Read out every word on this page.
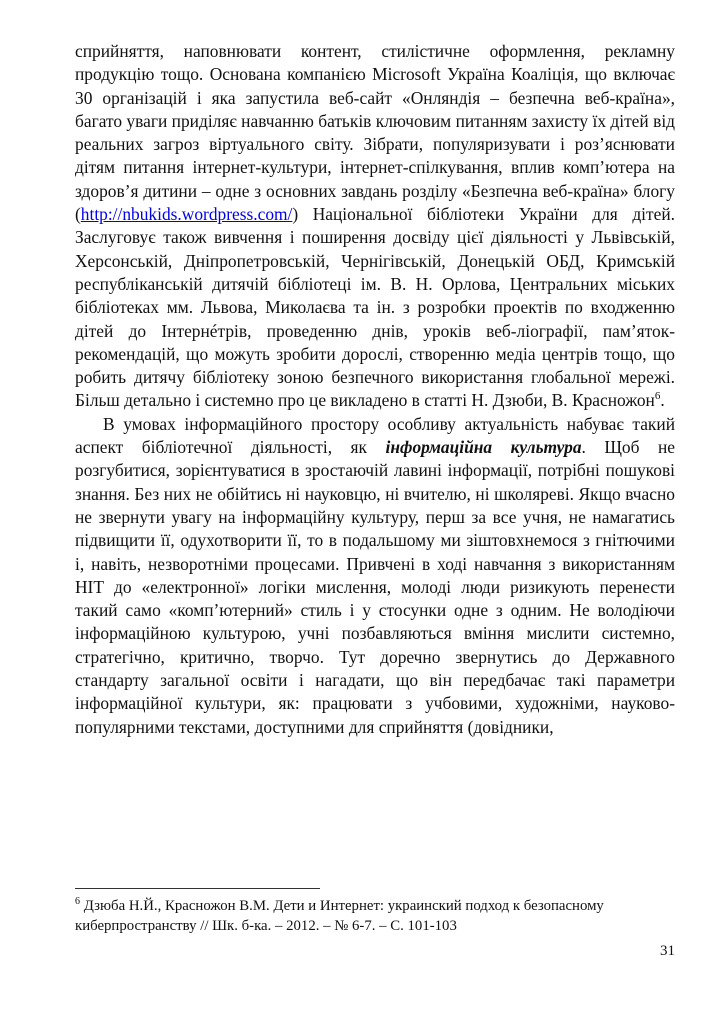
сприйняття, наповнювати контент, стилістичне оформлення, рекламну продукцію тощо. Основана компанією Microsoft Україна Коаліція, що включає 30 організацій і яка запустила веб-сайт «Онляндія – безпечна веб-країна», багато уваги приділяє навчанню батьків ключовим питанням захисту їх дітей від реальних загроз віртуального світу. Зібрати, популяризувати і роз’яснювати дітям питання інтернет-культури, інтернет-спілкування, вплив комп’ютера на здоров’я дитини – одне з основних завдань розділу «Безпечна веб-країна» блогу (http://nbukids.wordpress.com/) Національної бібліотеки України для дітей. Заслуговує також вивчення і поширення досвіду цієї діяльності у Львівській, Херсонській, Дніпропетровській, Чернігівській, Донецькій ОБД, Кримській республіканській дитячій бібліотеці ім. В. Н. Орлова, Центральних міських бібліотеках мм. Львова, Миколаєва та ін. з розробки проектів по входженню дітей до Інтернéтрів, проведенню днів, уроків веб-ліографії, пам’яток-рекомендацій, що можуть зробити дорослі, створенню медіа центрів тощо, що робить дитячу бібліотеку зоною безпечного використання глобальної мережі. Більш детально і системно про це викладено в статті Н. Дзюби, В. Красножон$^6$.

В умовах інформаційного простору особливу актуальність набуває такий аспект бібліотечної діяльності, як інформаційна культура. Щоб не розгубитися, зорієнтуватися в зростаючій лавині інформації, потрібні пошукові знання. Без них не обійтись ні науковцю, ні вчителю, ні школяреві. Якщо вчасно не звернути увагу на інформаційну культуру, перш за все учня, не намагатись підвищити її, одухотворити її, то в подальшому ми зіштовхнемося з гнітючими і, навіть, незворотніми процесами. Привчені в ході навчання з використанням НІТ до «електронної» логіки мислення, молоді люди ризикують перенести такий само «комп’ютерний» стиль і у стосунки одне з одним. Не володіючи інформаційною культурою, учні позбавляються вміння мислити системно, стратегічно, критично, творчо. Тут доречно звернутись до Державного стандарту загальної освіти і нагадати, що він передбачає такі параметри інформаційної культури, як: працювати з учбовими, художніми, науково-популярними текстами, доступними для сприйняття (довідники,

$^6$ Дзюба Н.Й., Красножон В.М. Дети и Интернет: украинский подход к безопасному киберпространству // Шк. б-ка. – 2012. – № 6-7. – С. 101-103
31
